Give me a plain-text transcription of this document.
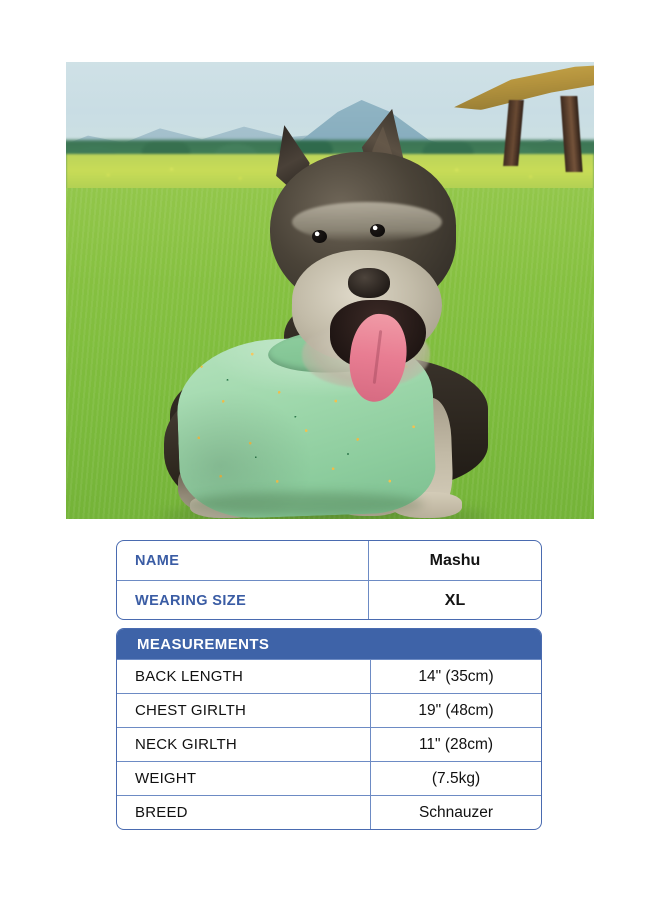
NAME	Mashu
WEARING SIZE	XL
MEASUREMENTS
BACK LENGTH	14" (35cm)
CHEST GIRLTH	19" (48cm)
NECK GIRLTH	11" (28cm)
WEIGHT	(7.5kg)
BREED	Schnauzer
